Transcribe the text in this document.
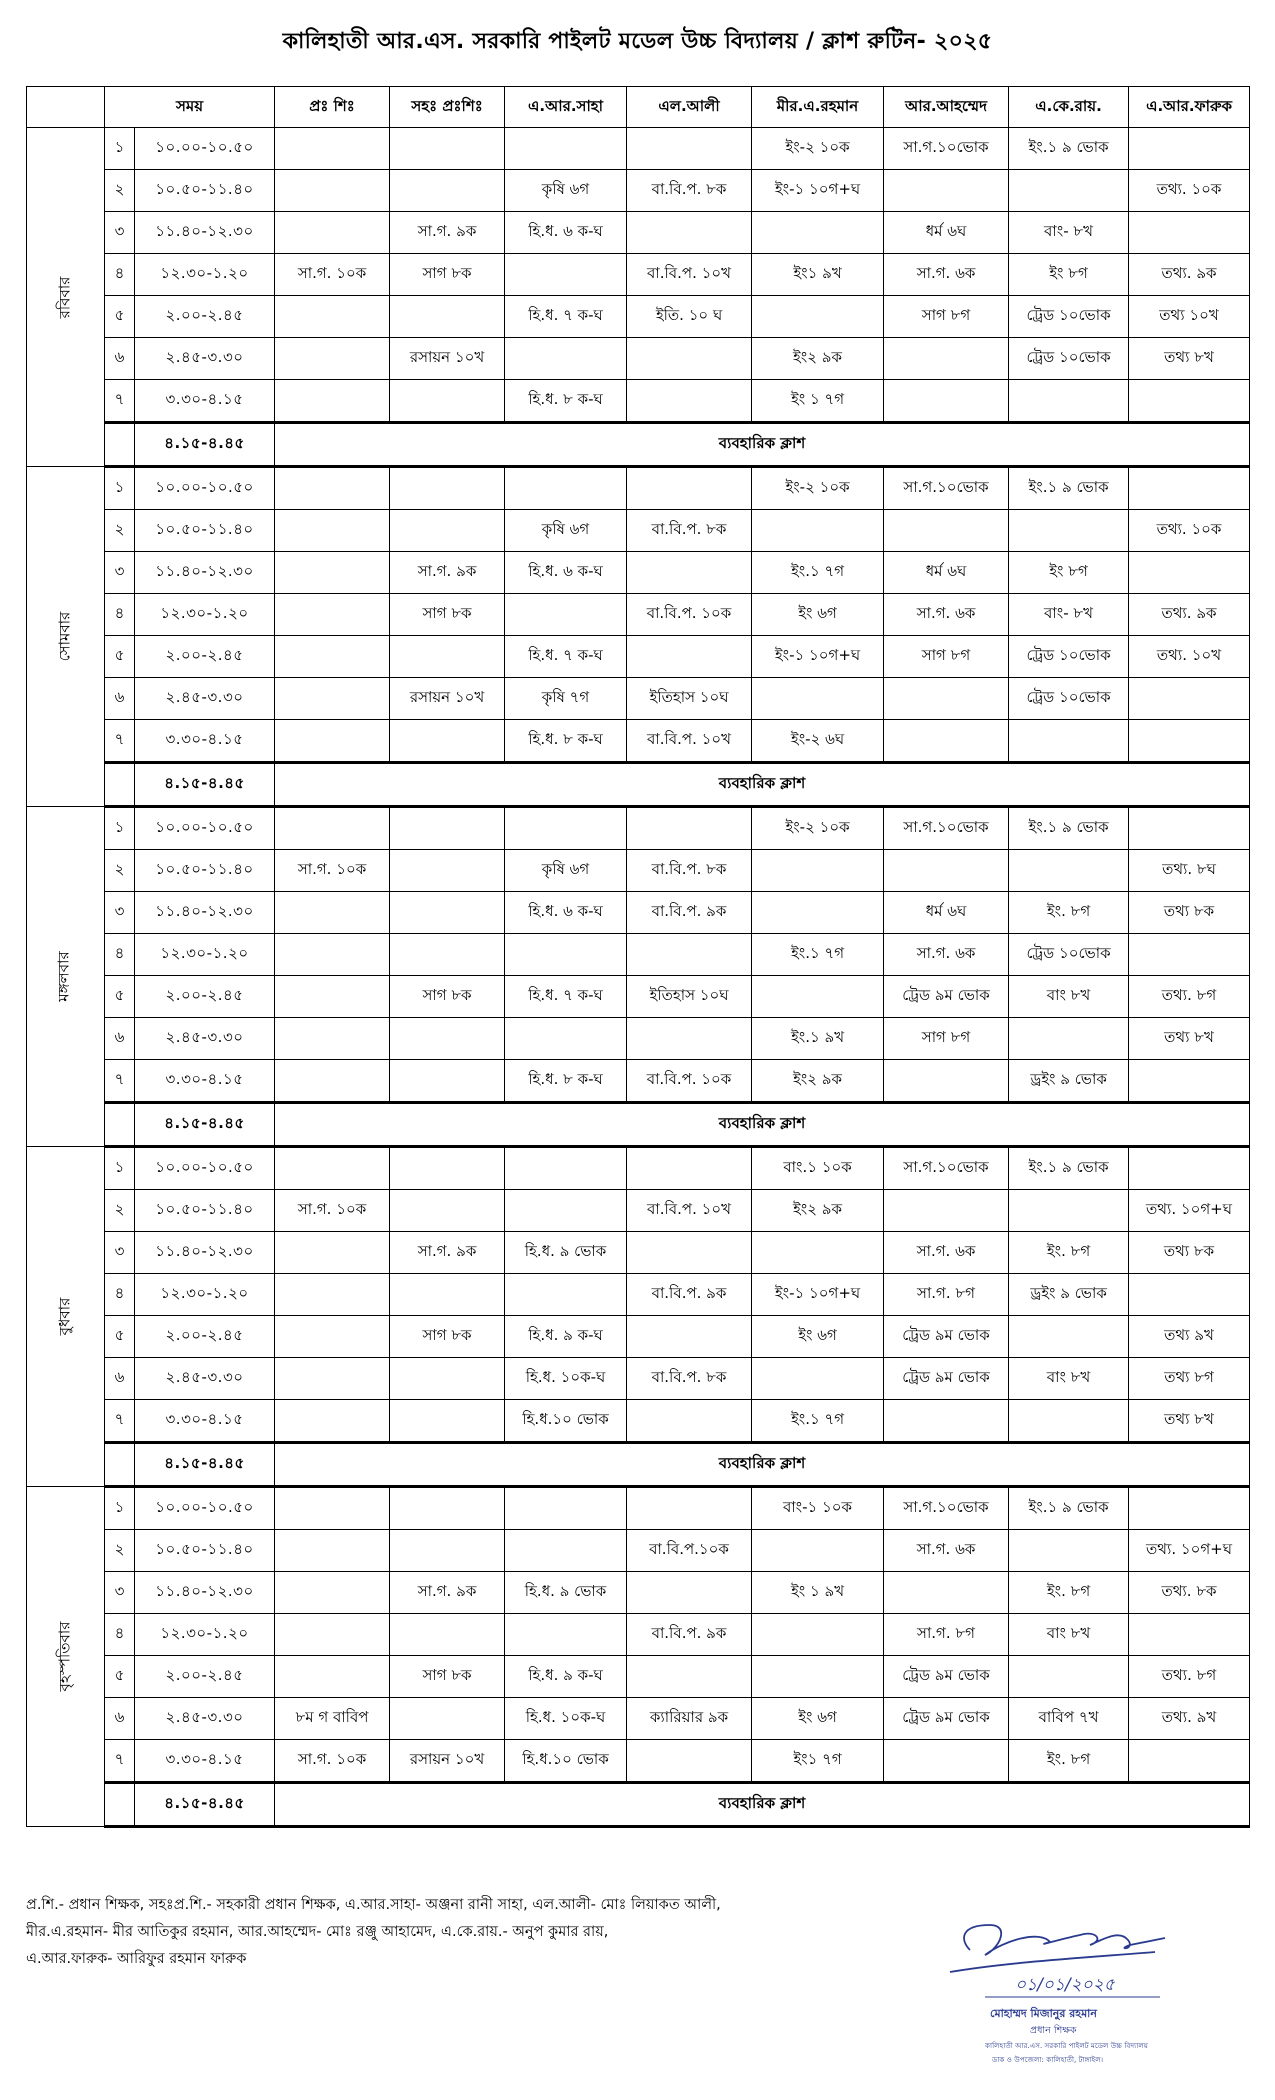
কালিহাতী আর.এস. সরকারি পাইলট মডেল উচ্চ বিদ্যালয় / ক্লাশ রুটিন- ২০২৫
	সময়		প্রঃ শিঃ	সহঃ প্রঃশিঃ	এ.আর.সাহা	এল.আলী	মীর.এ.রহমান	আর.আহম্মেদ	এ.কে.রায়.	এ.আর.ফারুক
রবিবার	১	১০.০০-১০.৫০					ইং-২ ১০ক	সা.গ.১০ভোক	ইং.১ ৯ ভোক	
	২	১০.৫০-১১.৪০			কৃষি ৬গ	বা.বি.প. ৮ক	ইং-১ ১০গ+ঘ			তথ্য. ১০ক
	৩	১১.৪০-১২.৩০		সা.গ. ৯ক	হি.ধ. ৬ ক-ঘ			ধর্ম ৬ঘ	বাং- ৮খ	
	৪	১২.৩০-১.২০	সা.গ. ১০ক	সাগ ৮ক		বা.বি.প. ১০খ	ইং১ ৯খ	সা.গ. ৬ক	ইং ৮গ	তথ্য. ৯ক
	৫	২.০০-২.৪৫			হি.ধ. ৭ ক-ঘ	ইতি. ১০ ঘ		সাগ ৮গ	ট্রেড ১০ভোক	তথ্য ১০খ
	৬	২.৪৫-৩.৩০		রসায়ন ১০খ			ইং২ ৯ক		ট্রেড ১০ভোক	তথ্য ৮খ
	৭	৩.৩০-৪.১৫			হি.ধ. ৮ ক-ঘ		ইং ১ ৭গ			
		৪.১৫-৪.৪৫	ব্যবহারিক ক্লাশ							
সোমবার	১	১০.০০-১০.৫০					ইং-২ ১০ক	সা.গ.১০ভোক	ইং.১ ৯ ভোক	
	২	১০.৫০-১১.৪০			কৃষি ৬গ	বা.বি.প. ৮ক				তথ্য. ১০ক
	৩	১১.৪০-১২.৩০		সা.গ. ৯ক	হি.ধ. ৬ ক-ঘ		ইং.১ ৭গ	ধর্ম ৬ঘ	ইং ৮গ	
	৪	১২.৩০-১.২০		সাগ ৮ক		বা.বি.প. ১০ক	ইং ৬গ	সা.গ. ৬ক	বাং- ৮খ	তথ্য. ৯ক
	৫	২.০০-২.৪৫			হি.ধ. ৭ ক-ঘ		ইং-১ ১০গ+ঘ	সাগ ৮গ	ট্রেড ১০ভোক	তথ্য. ১০খ
	৬	২.৪৫-৩.৩০		রসায়ন ১০খ	কৃষি ৭গ	ইতিহাস ১০ঘ			ট্রেড ১০ভোক	
	৭	৩.৩০-৪.১৫			হি.ধ. ৮ ক-ঘ	বা.বি.প. ১০খ	ইং-২ ৬ঘ			
		৪.১৫-৪.৪৫	ব্যবহারিক ক্লাশ							
মঙ্গলবার	১	১০.০০-১০.৫০					ইং-২ ১০ক	সা.গ.১০ভোক	ইং.১ ৯ ভোক	
	২	১০.৫০-১১.৪০	সা.গ. ১০ক		কৃষি ৬গ	বা.বি.প. ৮ক				তথ্য. ৮ঘ
	৩	১১.৪০-১২.৩০			হি.ধ. ৬ ক-ঘ	বা.বি.প. ৯ক		ধর্ম ৬ঘ	ইং. ৮গ	তথ্য ৮ক
	৪	১২.৩০-১.২০					ইং.১ ৭গ	সা.গ. ৬ক	ট্রেড ১০ভোক	
	৫	২.০০-২.৪৫		সাগ ৮ক	হি.ধ. ৭ ক-ঘ	ইতিহাস ১০ঘ		ট্রেড ৯ম ভোক	বাং ৮খ	তথ্য. ৮গ
	৬	২.৪৫-৩.৩০					ইং.১ ৯খ	সাগ ৮গ		তথ্য ৮খ
	৭	৩.৩০-৪.১৫			হি.ধ. ৮ ক-ঘ	বা.বি.প. ১০ক	ইং২ ৯ক		ড্রইং ৯ ভোক	
		৪.১৫-৪.৪৫	ব্যবহারিক ক্লাশ							
বুধবার	১	১০.০০-১০.৫০					বাং.১ ১০ক	সা.গ.১০ভোক	ইং.১ ৯ ভোক	
	২	১০.৫০-১১.৪০	সা.গ. ১০ক			বা.বি.প. ১০খ	ইং২ ৯ক			তথ্য. ১০গ+ঘ
	৩	১১.৪০-১২.৩০		সা.গ. ৯ক	হি.ধ. ৯ ভোক			সা.গ. ৬ক	ইং. ৮গ	তথ্য ৮ক
	৪	১২.৩০-১.২০				বা.বি.প. ৯ক	ইং-১ ১০গ+ঘ	সা.গ. ৮গ	ড্রইং ৯ ভোক	
	৫	২.০০-২.৪৫		সাগ ৮ক	হি.ধ. ৯ ক-ঘ		ইং ৬গ	ট্রেড ৯ম ভোক		তথ্য ৯খ
	৬	২.৪৫-৩.৩০			হি.ধ. ১০ক-ঘ	বা.বি.প. ৮ক		ট্রেড ৯ম ভোক	বাং ৮খ	তথ্য ৮গ
	৭	৩.৩০-৪.১৫			হি.ধ.১০ ভোক		ইং.১ ৭গ			তথ্য ৮খ
		৪.১৫-৪.৪৫	ব্যবহারিক ক্লাশ							
বৃহস্পতিবার	১	১০.০০-১০.৫০					বাং-১ ১০ক	সা.গ.১০ভোক	ইং.১ ৯ ভোক	
	২	১০.৫০-১১.৪০				বা.বি.প.১০ক		সা.গ. ৬ক		তথ্য. ১০গ+ঘ
	৩	১১.৪০-১২.৩০		সা.গ. ৯ক	হি.ধ. ৯ ভোক		ইং ১ ৯খ		ইং. ৮গ	তথ্য. ৮ক
	৪	১২.৩০-১.২০				বা.বি.প. ৯ক		সা.গ. ৮গ	বাং ৮খ	
	৫	২.০০-২.৪৫		সাগ ৮ক	হি.ধ. ৯ ক-ঘ			ট্রেড ৯ম ভোক		তথ্য. ৮গ
	৬	২.৪৫-৩.৩০	৮ম গ বাবিপ		হি.ধ. ১০ক-ঘ	ক্যারিয়ার ৯ক	ইং ৬গ	ট্রেড ৯ম ভোক	বাবিপ ৭খ	তথ্য. ৯খ
	৭	৩.৩০-৪.১৫	সা.গ. ১০ক	রসায়ন ১০খ	হি.ধ.১০ ভোক		ইং১ ৭গ		ইং. ৮গ	
		৪.১৫-৪.৪৫	ব্যবহারিক ক্লাশ							
প্র.শি.- প্রধান শিক্ষক, সহঃপ্র.শি.- সহকারী প্রধান শিক্ষক, এ.আর.সাহা- অঞ্জনা রানী সাহা, এল.আলী- মোঃ লিয়াকত আলী,
মীর.এ.রহমান- মীর আতিকুর রহমান, আর.আহম্মেদ- মোঃ রঞ্জু আহামেদ, এ.কে.রায়.- অনুপ কুমার রায়,
এ.আর.ফারুক- আরিফুর রহমান ফারুক
০১/০১/২০২৫
মোহাম্মদ মিজানুর রহমান
প্রধান শিক্ষক
কালিহাতী আর.এস. সরকারি পাইলট মডেল উচ্চ বিদ্যালয়
ডাক ও উপজেলা: কালিহাতী, টাঙ্গাইল।
